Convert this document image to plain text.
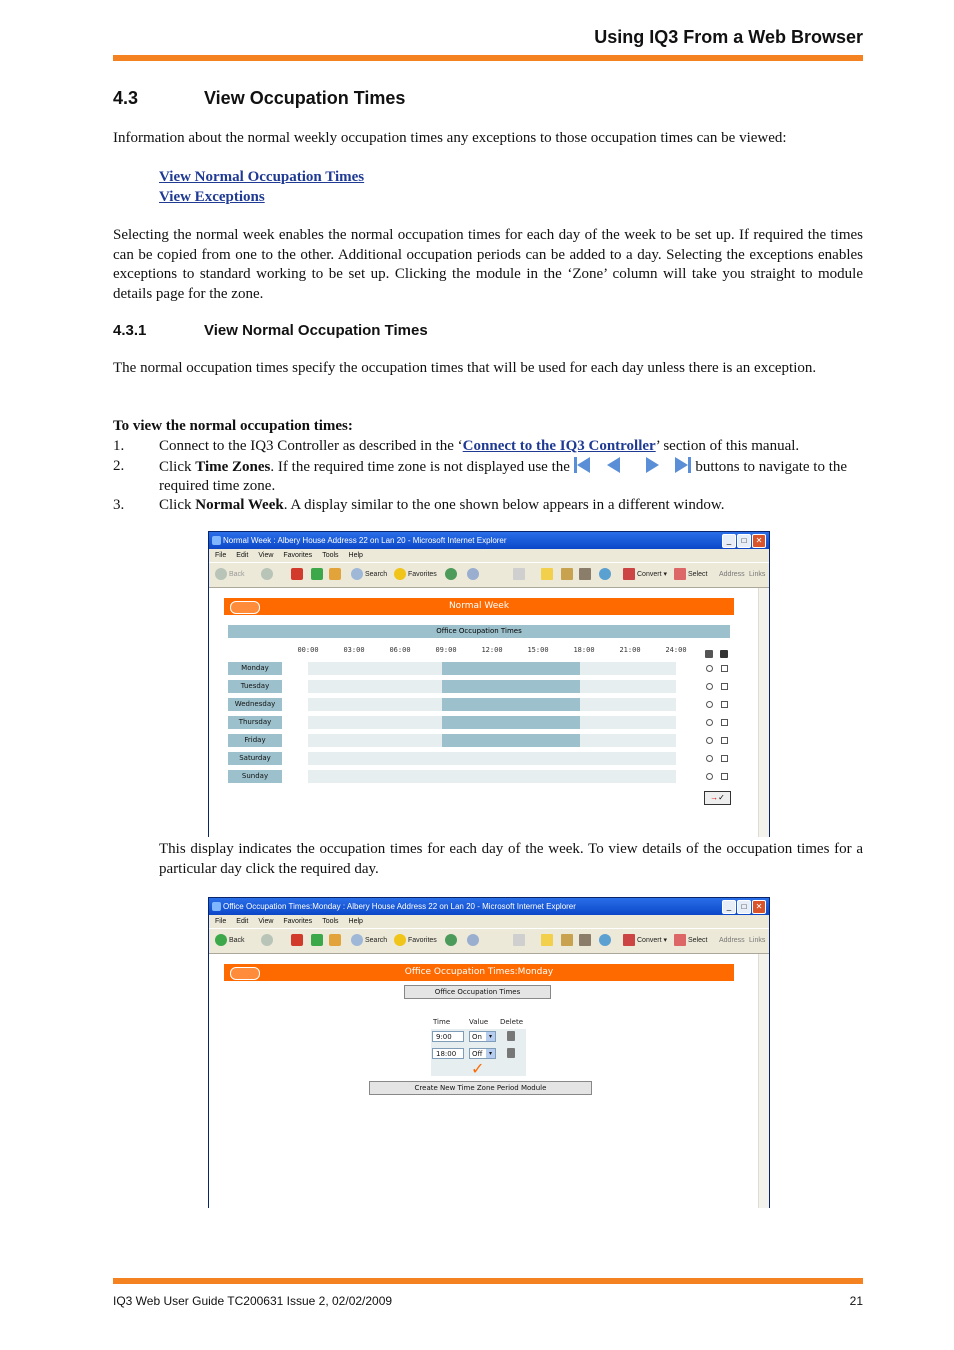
Using IQ3 From a Web Browser
4.3	View Occupation Times
Information about the normal weekly occupation times any exceptions to those occupation times can be viewed:
View Normal Occupation Times
View Exceptions
Selecting the normal week enables the normal occupation times for each day of the week to be set up. If required the times can be copied from one to the other. Additional occupation periods can be added to a day. Selecting the exceptions enables exceptions to standard working to be set up. Clicking the module in the ‘Zone’ column will take you straight to module details page for the zone.
4.3.1	View Normal Occupation Times
The normal occupation times specify the occupation times that will be used for each day unless there is an exception.
To view the normal occupation times:
1. Connect to the IQ3 Controller as described in the ‘Connect to the IQ3 Controller’ section of this manual.
2. Click Time Zones. If the required time zone is not displayed use the	buttons to navigate to the required time zone.
3. Click Normal Week. A display similar to the one shown below appears in a different window.
Normal Week : Albery House Address 22 on Lan 20 - Microsoft Internet Explorer	_	□	✕
File Edit View Favorites Tools Help
Back	Search	Favorites	Convert ▾	Select Address Links
Normal Week
Office Occupation Times
00:00	03:00	06:00	09:00	12:00	15:00	18:00	21:00	24:00
Monday
Tuesday
Wednesday
Thursday
Friday
Saturday
Sunday
→✓
This display indicates the occupation times for each day of the week. To view details of the occupation times for a particular day click the required day.
Office Occupation Times:Monday : Albery House Address 22 on Lan 20 - Microsoft Internet Explorer	_	□	✕
File Edit View Favorites Tools Help
Back	Search	Favorites	Convert ▾	Select Address Links
Office Occupation Times:Monday
Office Occupation Times
Time	Value Delete
9:00	On	▾
18:00	Off	▾
✓
Create New Time Zone Period Module
IQ3 Web User Guide TC200631 Issue 2, 02/02/2009	21
